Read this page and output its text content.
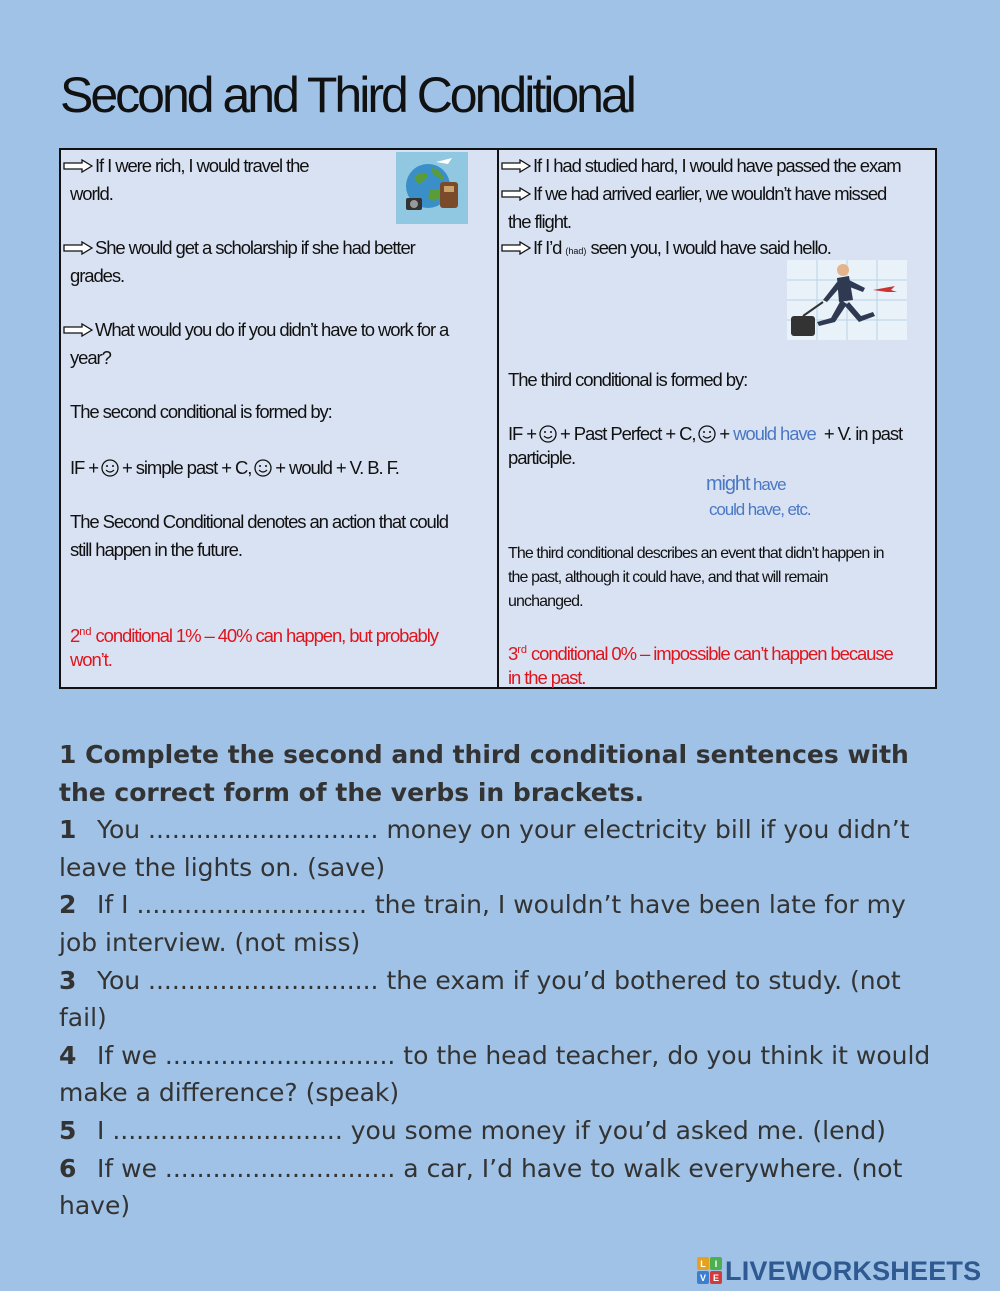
Second and Third Conditional
If I were rich, I would travel the
world.
She would get a scholarship if she had better
grades.
What would you do if you didn’t have to work for a
year?
The second conditional is formed by:
IF + + simple past + C, + would + V. B. F.
The Second Conditional denotes an action that could
still happen in the future.
2nd conditional 1% – 40% can happen, but probably
won’t.
If I had studied hard, I would have passed the exam
If we had arrived earlier, we wouldn’t have missed
the flight.
If I’d (had) seen you, I would have said hello.
The third conditional is formed by:
IF + + Past Perfect + C, + would have + V. in past
participle.
might have
could have, etc.
The third conditional describes an event that didn’t happen in
the past, although it could have, and that will remain
unchanged.
3rd conditional 0% – impossible can’t happen because
in the past.
1 Complete the second and third conditional sentences with
the correct form of the verbs in brackets.
1 You ............................. money on your electricity bill if you didn’t
leave the lights on. (save)
2 If I ............................. the train, I wouldn’t have been late for my
job interview. (not miss)
3 You ............................. the exam if you’d bothered to study. (not
fail)
4 If we ............................. to the head teacher, do you think it would
make a difference? (speak)
5 I ............................. you some money if you’d asked me. (lend)
6 If we ............................. a car, I’d have to walk everywhere. (not
have)
L I
V E LIVEWORKSHEETS
